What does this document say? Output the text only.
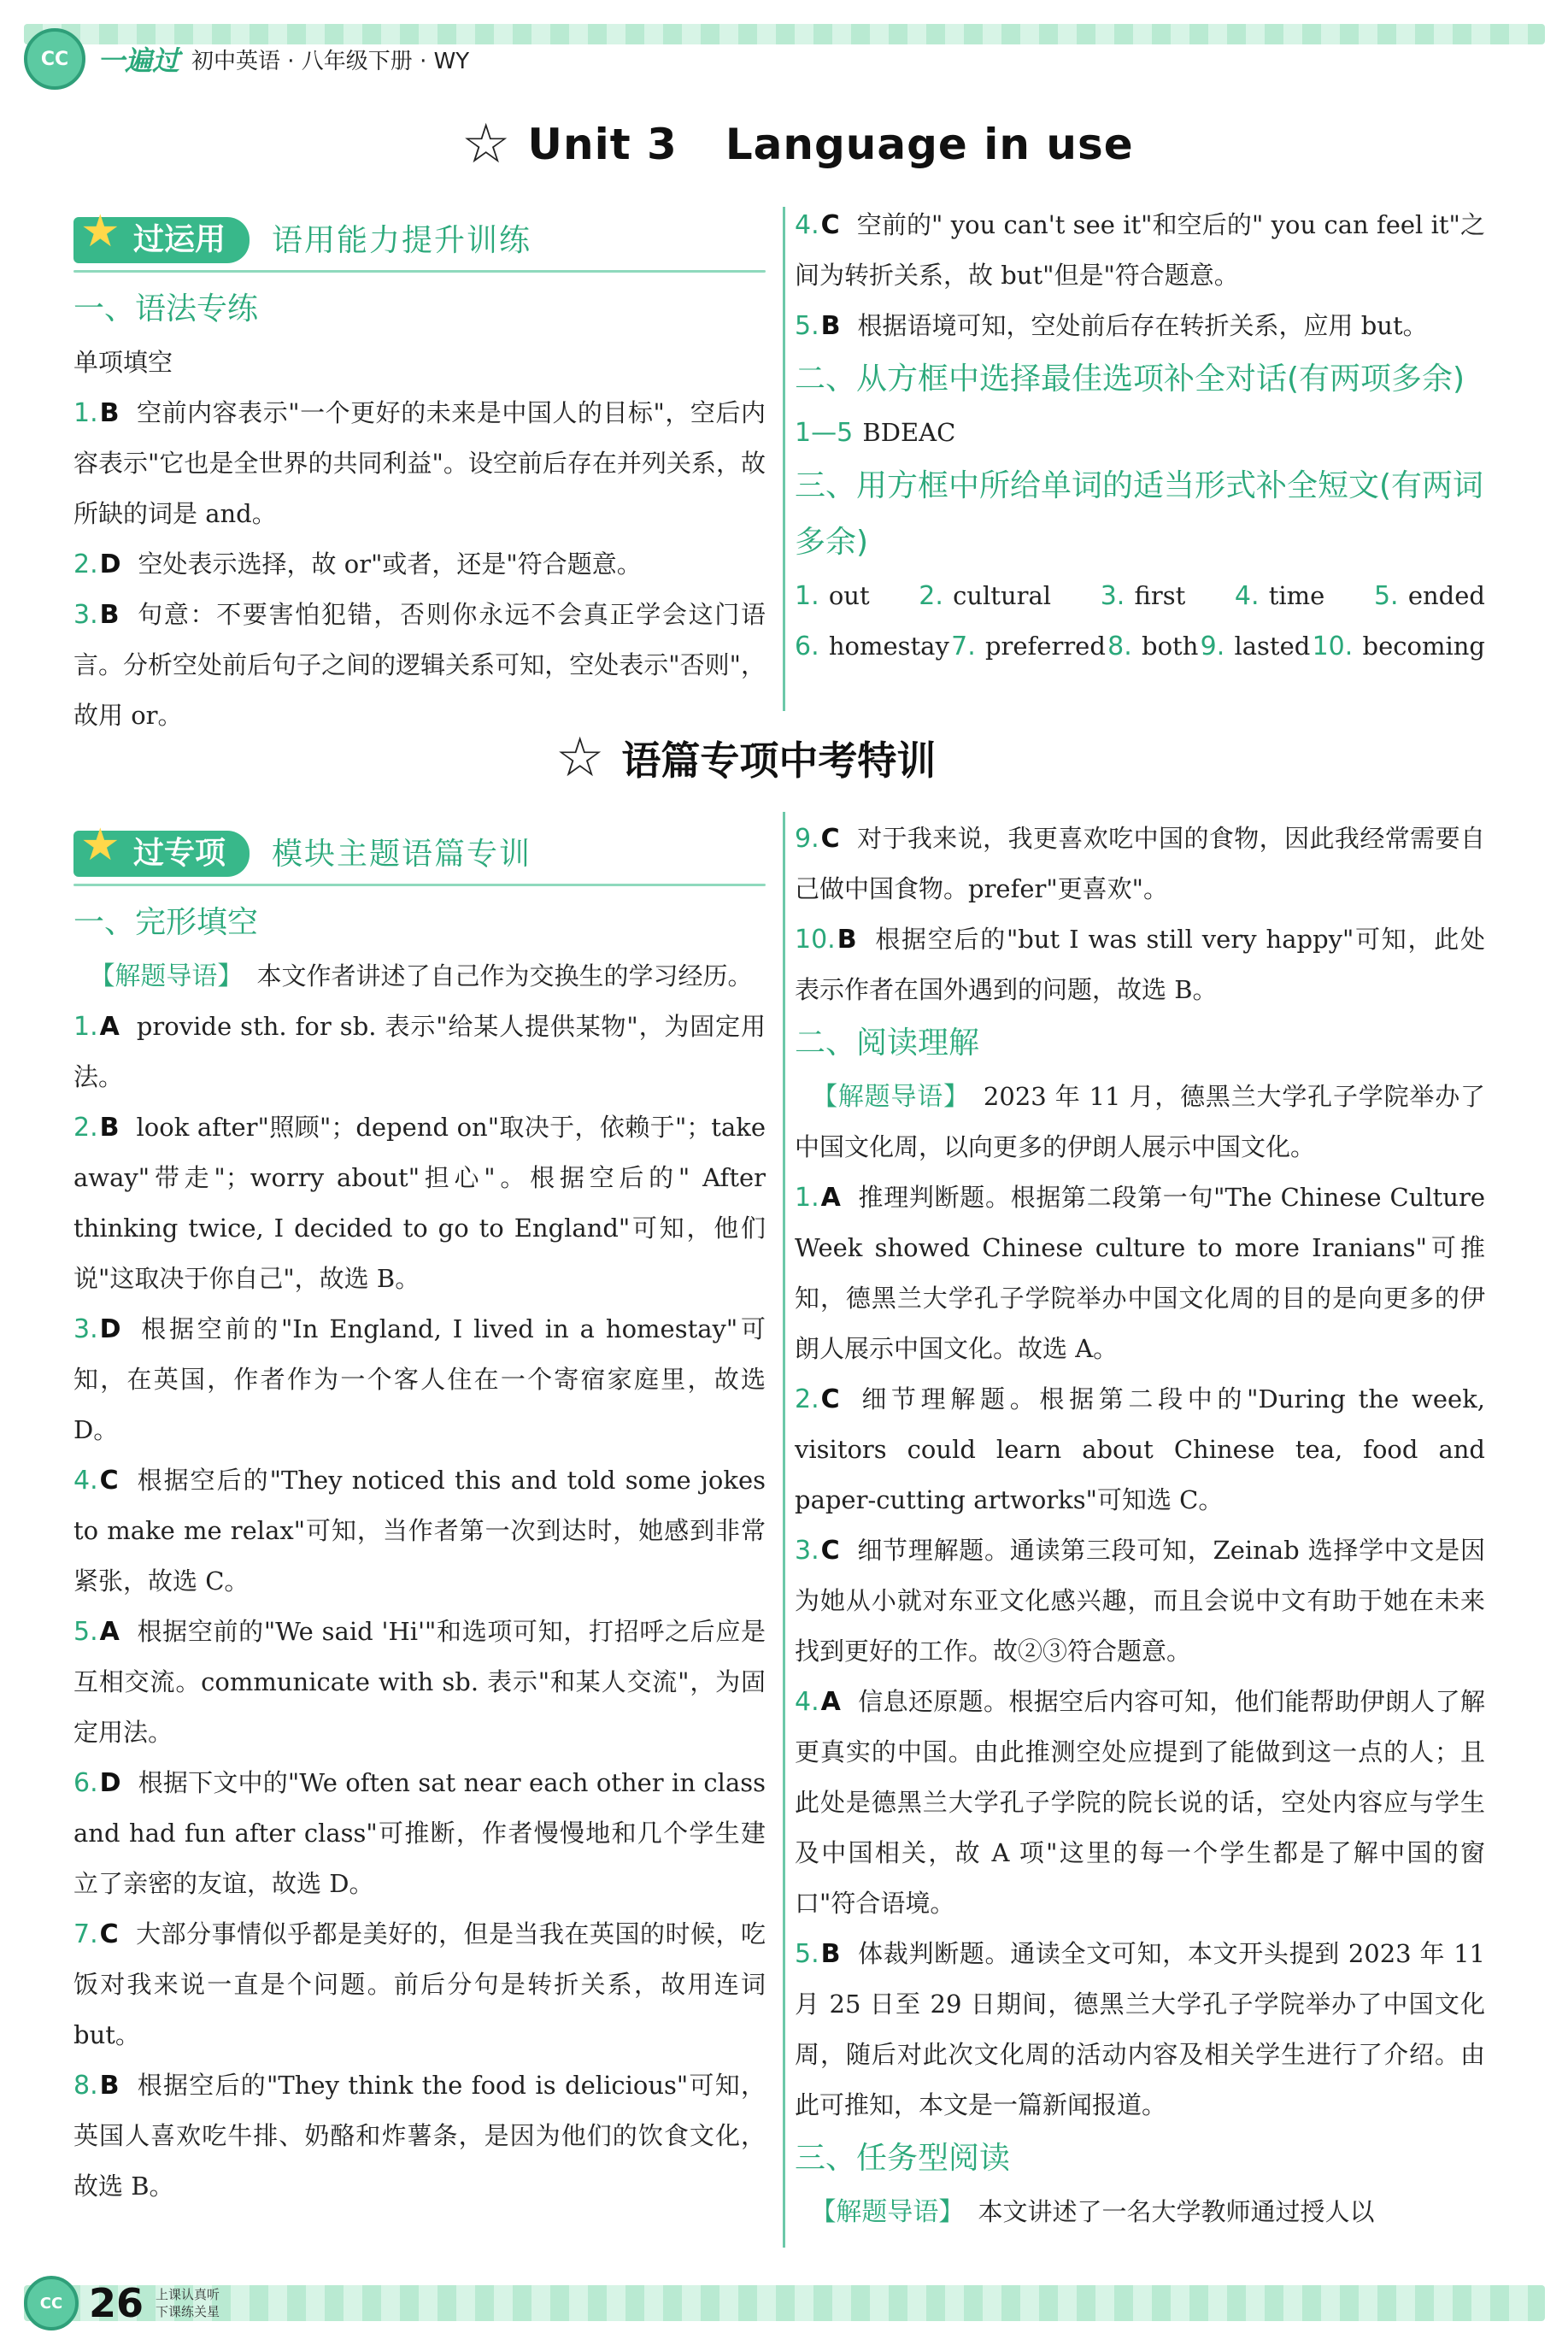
CC	一遍过 初中英语 · 八年级下册 · WY
☆ Unit 3 Language in use
★ 过运用	语用能力提升训练
一、语法专练

单项填空

1.B 空前内容表示"一个更好的未来是中国人的目标"，空后内容表示"它也是全世界的共同利益"。设空前后存在并列关系，故所缺的词是 and。

2.D 空处表示选择，故 or"或者，还是"符合题意。

3.B 句意：不要害怕犯错，否则你永远不会真正学会这门语言。分析空处前后句子之间的逻辑关系可知，空处表示"否则"，故用 or。

4.C 空前的" you can't see it"和空后的" you can feel it"之间为转折关系，故 but"但是"符合题意。

5.B 根据语境可知，空处前后存在转折关系，应用 but。

二、从方框中选择最佳选项补全对话(有两项多余)

1—5 BDEAC

三、用方框中所给单词的适当形式补全短文(有两词多余)
1. out 2. cultural 3. first 4. time 5. ended
6. homestay 7. preferred 8. both 9. lasted 10. becoming
☆ 语篇专项中考特训
★ 过专项	模块主题语篇专训
一、完形填空

【解题导语】 本文作者讲述了自己作为交换生的学习经历。

1.A provide sth. for sb. 表示"给某人提供某物"，为固定用法。

2.B look after"照顾"；depend on"取决于，依赖于"；take away"带走"；worry about"担心"。根据空后的" After thinking twice, I decided to go to England"可知，他们说"这取决于你自己"，故选 B。

3.D 根据空前的"In England, I lived in a homestay"可知，在英国，作者作为一个客人住在一个寄宿家庭里，故选 D。

4.C 根据空后的"They noticed this and told some jokes to make me relax"可知，当作者第一次到达时，她感到非常紧张，故选 C。

5.A 根据空前的"We said 'Hi'"和选项可知，打招呼之后应是互相交流。communicate with sb. 表示"和某人交流"，为固定用法。

6.D 根据下文中的"We often sat near each other in class and had fun after class"可推断，作者慢慢地和几个学生建立了亲密的友谊，故选 D。

7.C 大部分事情似乎都是美好的，但是当我在英国的时候，吃饭对我来说一直是个问题。前后分句是转折关系，故用连词 but。

8.B 根据空后的"They think the food is delicious"可知，英国人喜欢吃牛排、奶酪和炸薯条，是因为他们的饮食文化，故选 B。

9.C 对于我来说，我更喜欢吃中国的食物，因此我经常需要自己做中国食物。prefer"更喜欢"。

10.B 根据空后的"but I was still very happy"可知，此处表示作者在国外遇到的问题，故选 B。

二、阅读理解

【解题导语】 2023 年 11 月，德黑兰大学孔子学院举办了中国文化周，以向更多的伊朗人展示中国文化。

1.A 推理判断题。根据第二段第一句"The Chinese Culture Week showed Chinese culture to more Iranians"可推知，德黑兰大学孔子学院举办中国文化周的目的是向更多的伊朗人展示中国文化。故选 A。

2.C 细节理解题。根据第二段中的"During the week, visitors could learn about Chinese tea, food and paper-cutting artworks"可知选 C。

3.C 细节理解题。通读第三段可知，Zeinab 选择学中文是因为她从小就对东亚文化感兴趣，而且会说中文有助于她在未来找到更好的工作。故②③符合题意。

4.A 信息还原题。根据空后内容可知，他们能帮助伊朗人了解更真实的中国。由此推测空处应提到了能做到这一点的人；且此处是德黑兰大学孔子学院的院长说的话，空处内容应与学生及中国相关，故 A 项"这里的每一个学生都是了解中国的窗口"符合语境。

5.B 体裁判断题。通读全文可知，本文开头提到 2023 年 11 月 25 日至 29 日期间，德黑兰大学孔子学院举办了中国文化周，随后对此次文化周的活动内容及相关学生进行了介绍。由此可推知，本文是一篇新闻报道。

三、任务型阅读

【解题导语】 本文讲述了一名大学教师通过授人以

CC 26 上课认真听
下课练关星
